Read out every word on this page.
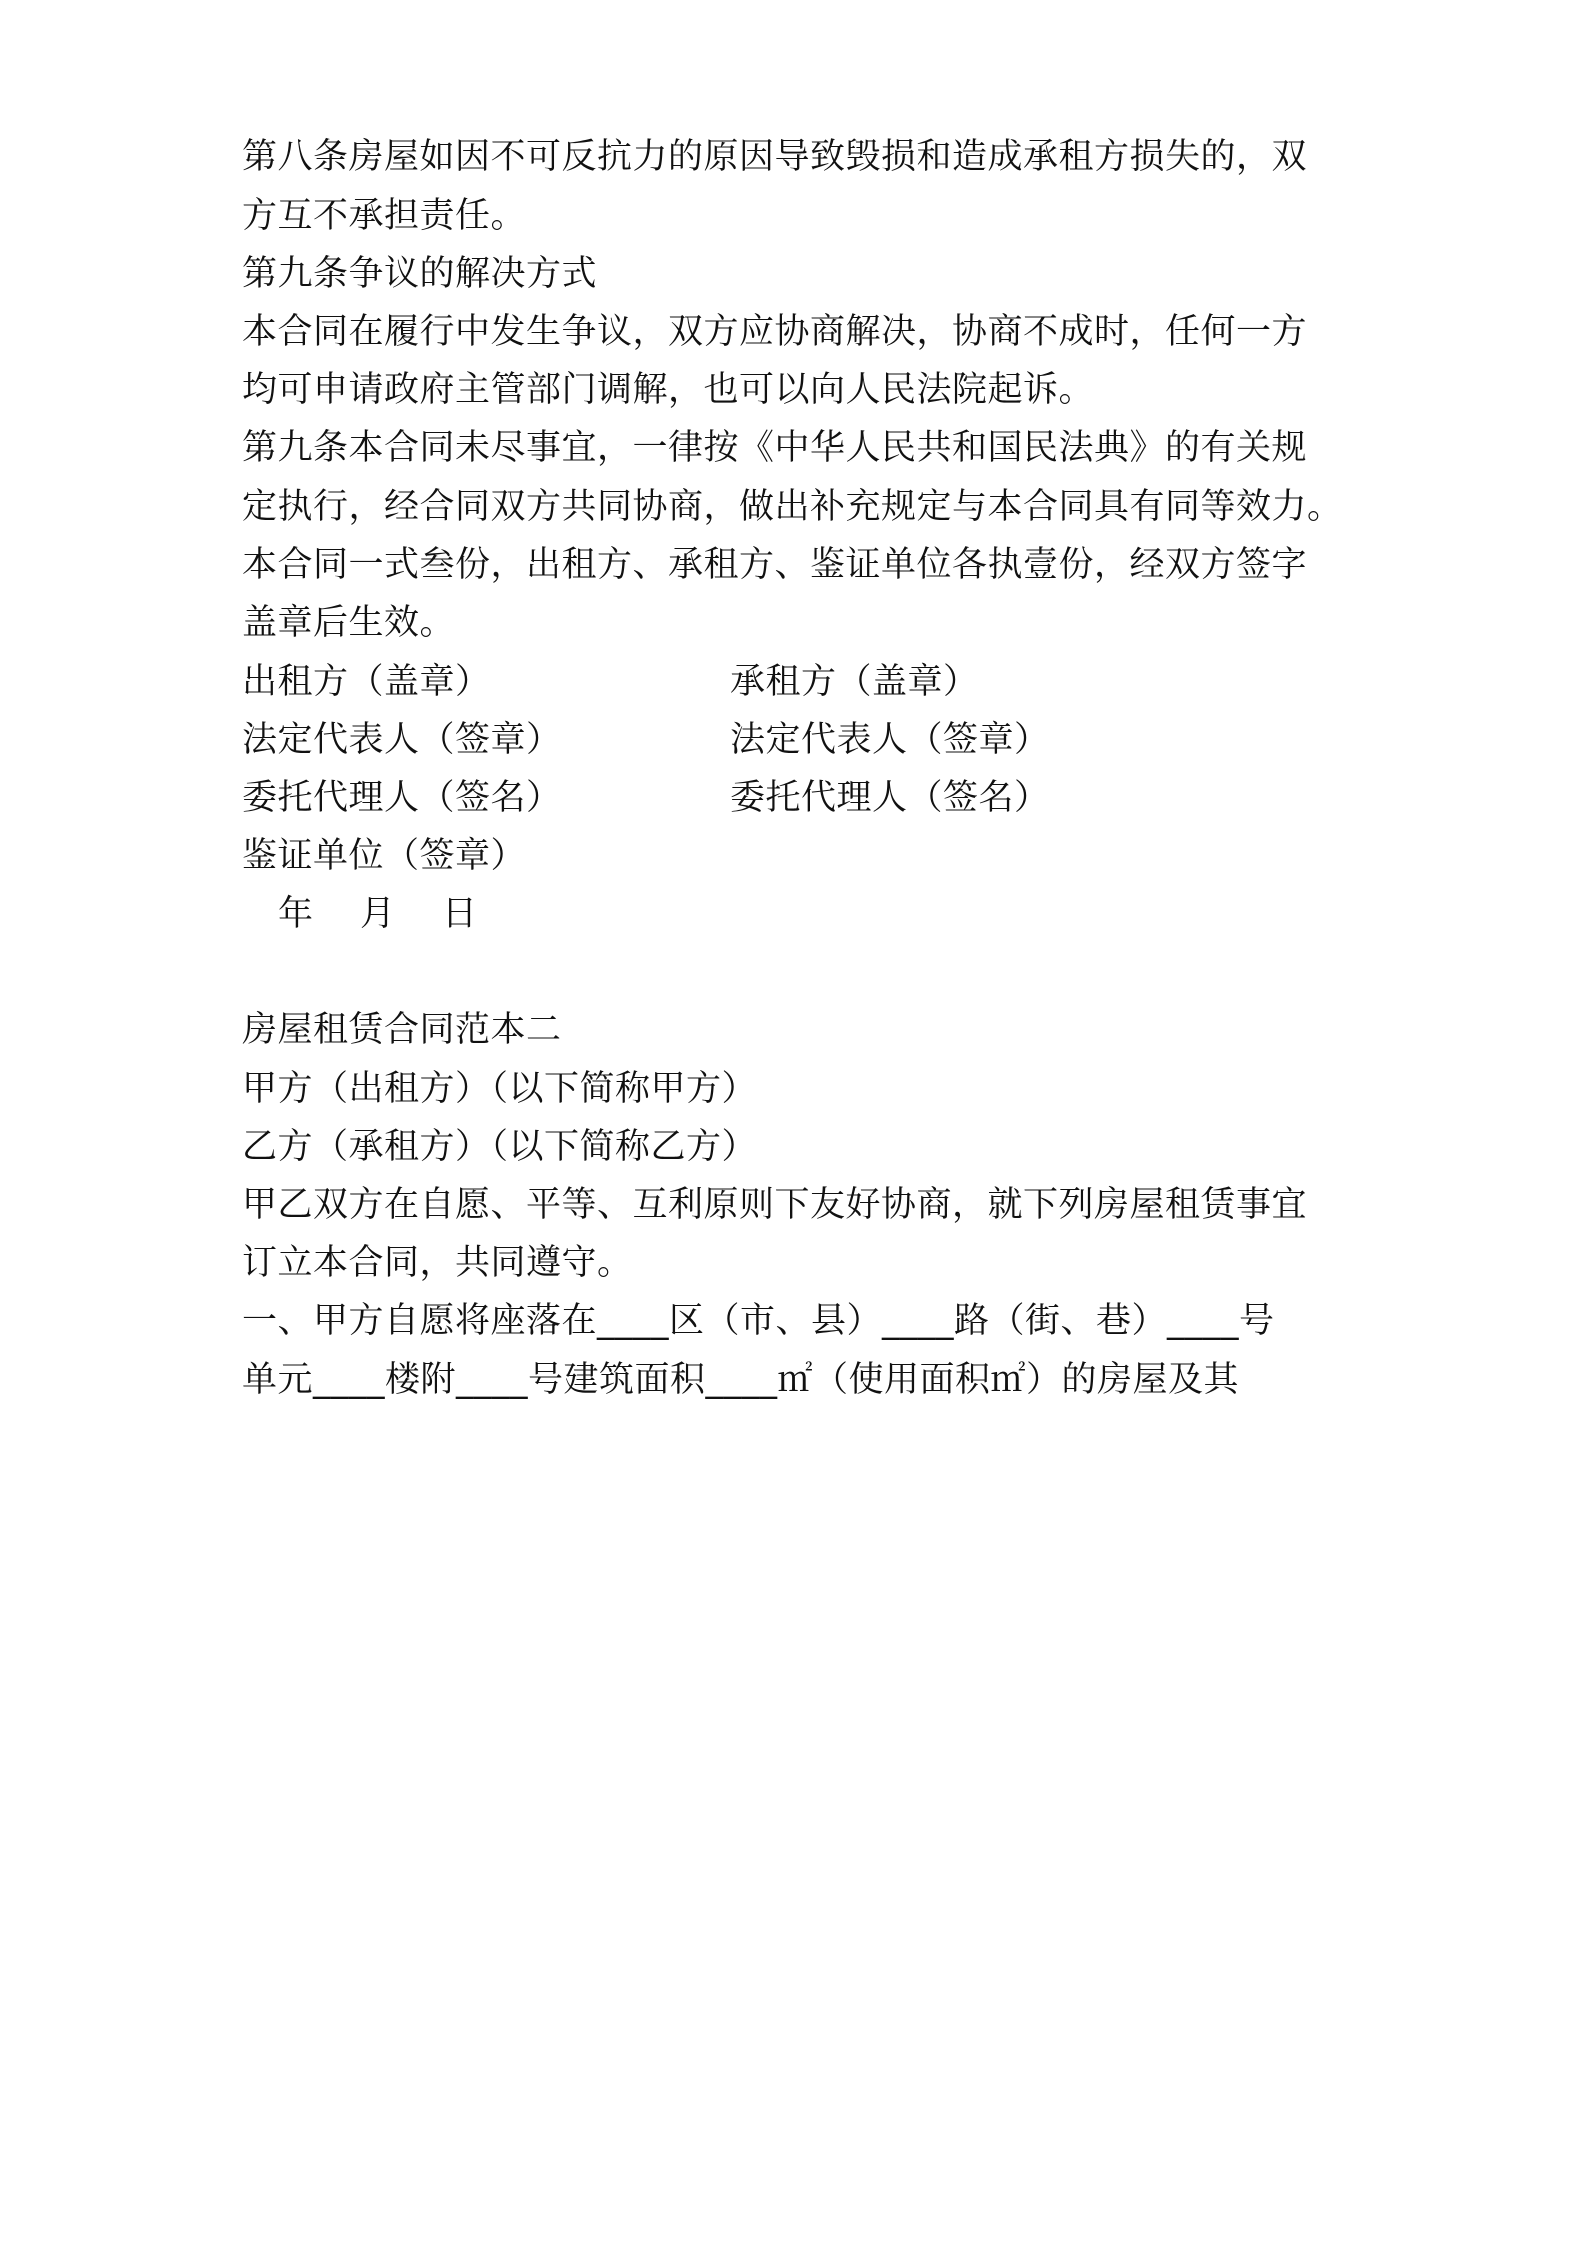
第八条房屋如因不可反抗力的原因导致毁损和造成承租方损失的，双
方互不承担责任。
第九条争议的解决方式
本合同在履行中发生争议，双方应协商解决，协商不成时，任何一方
均可申请政府主管部门调解，也可以向人民法院起诉。
第九条本合同未尽事宜，一律按《中华人民共和国民法典》的有关规
定执行，经合同双方共同协商，做出补充规定与本合同具有同等效力。
本合同一式叁份，出租方、承租方、鉴证单位各执壹份，经双方签字
盖章后生效。
出租方（盖章）	承租方（盖章）
法定代表人（签章）	法定代表人（签章）
委托代理人（签名）	委托代理人（签名）
鉴证单位（签章）
年    月    日
房屋租赁合同范本二
甲方（出租方）（以下简称甲方）
乙方（承租方）（以下简称乙方）
甲乙双方在自愿、平等、互利原则下友好协商，就下列房屋租赁事宜
订立本合同，共同遵守。
一、甲方自愿将座落在____区（市、县）____路（街、巷）____号
单元____楼附____号建筑面积____㎡（使用面积㎡）的房屋及其
